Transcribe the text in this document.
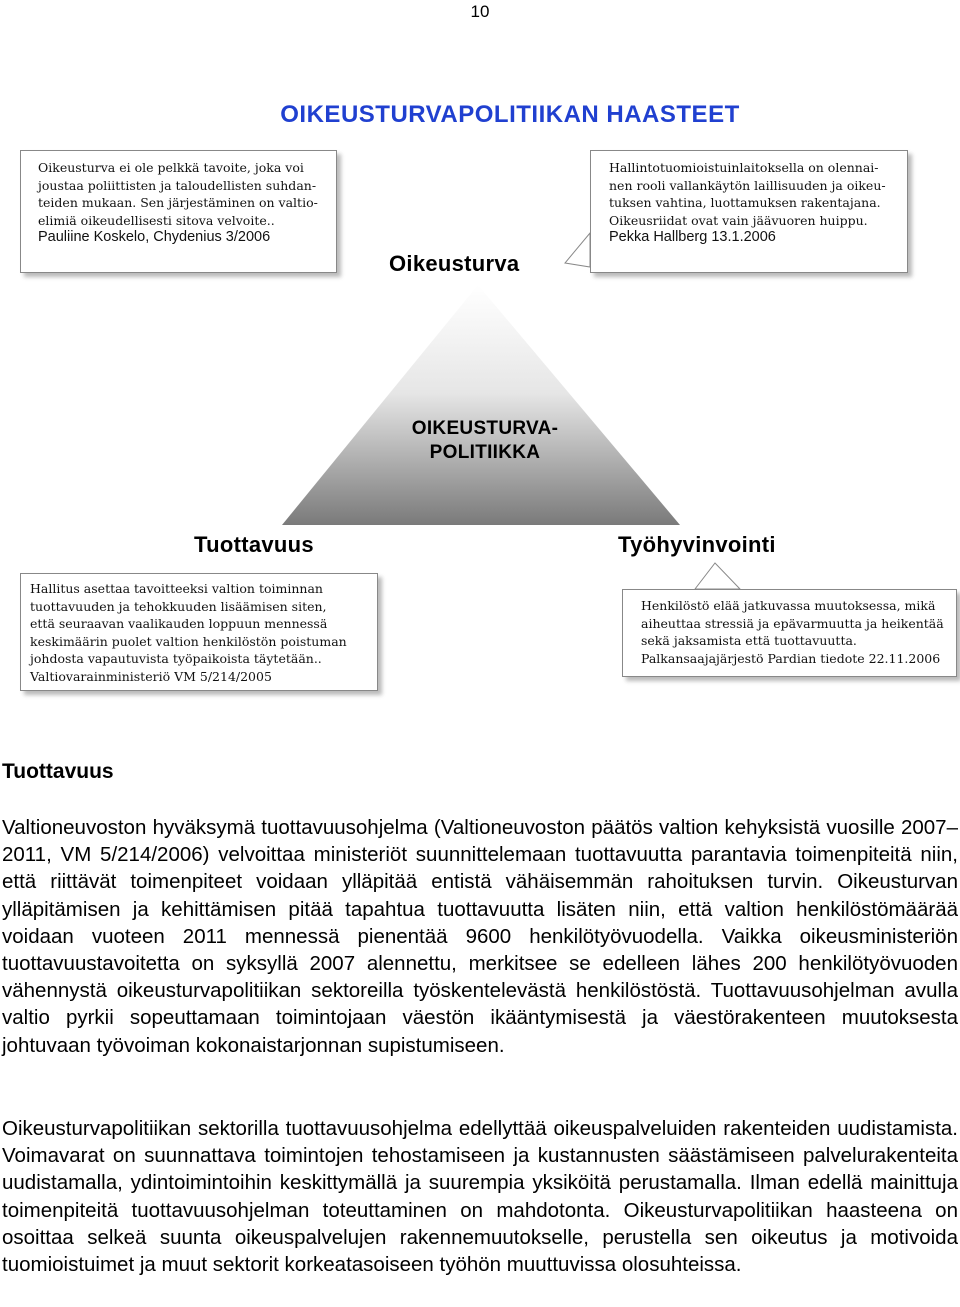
10
OIKEUSTURVAPOLITIIKAN HAASTEET
Oikeusturva ei ole pelkkä tavoite, joka voi
joustaa poliittisten ja taloudellisten suhdan-
teiden mukaan. Sen järjestäminen on valtio-
elimiä oikeudellisesti sitova velvoite..
Pauliine Koskelo, Chydenius 3/2006
Hallintotuomioistuinlaitoksella on olennai-
nen rooli vallankäytön laillisuuden ja oikeu-
tuksen vahtina, luottamuksen rakentajana.
Oikeusriidat ovat vain jäävuoren huippu.
Pekka Hallberg 13.1.2006
Oikeusturva
OIKEUSTURVA-
POLITIIKKA
Tuottavuus	Työhyvinvointi
Hallitus asettaa tavoitteeksi valtion toiminnan
tuottavuuden ja tehokkuuden lisäämisen siten,
että seuraavan vaalikauden loppuun mennessä
keskimäärin puolet valtion henkilöstön poistuman
johdosta vapautuvista työpaikoista täytetään..
Valtiovarainministeriö VM 5/214/2005
Henkilöstö elää jatkuvassa muutoksessa, mikä
aiheuttaa stressiä ja epävarmuutta ja heikentää
sekä jaksamista että tuottavuutta.
Palkansaajajärjestö Pardian tiedote 22.11.2006
Tuottavuus

Valtioneuvoston hyväksymä tuottavuusohjelma (Valtioneuvoston päätös valtion kehyksistä vuosille 2007–2011, VM 5/214/2006) velvoittaa ministeriöt suunnittelemaan tuottavuutta parantavia toimenpiteitä niin, että riittävät toimenpiteet voidaan ylläpitää entistä vähäisemmän rahoituksen turvin. Oikeusturvan ylläpitämisen ja kehittämisen pitää tapahtua tuottavuutta lisäten niin, että valtion henkilöstömäärää voidaan vuoteen 2011 mennessä pienentää 9600 henkilötyövuodella. Vaikka oikeusministeriön tuottavuustavoitetta on syksyllä 2007 alennettu, merkitsee se edelleen lähes 200 henkilötyövuoden vähennystä oikeusturvapolitiikan sektoreilla työskentelevästä henkilöstöstä. Tuottavuusohjelman avulla valtio pyrkii sopeuttamaan toimintojaan väestön ikääntymisestä ja väestörakenteen muutoksesta johtuvaan työvoiman kokonaistarjonnan supistumiseen.

Oikeusturvapolitiikan sektorilla tuottavuusohjelma edellyttää oikeuspalveluiden rakenteiden uudistamista. Voimavarat on suunnattava toimintojen tehostamiseen ja kustannusten säästämiseen palvelurakenteita uudistamalla, ydintoimintoihin keskittymällä ja suurempia yksiköitä perustamalla. Ilman edellä mainittuja toimenpiteitä tuottavuusohjelman toteuttaminen on mahdotonta. Oikeusturvapolitiikan haasteena on osoittaa selkeä suunta oikeuspalvelujen rakennemuutokselle, perustella sen oikeutus ja motivoida tuomioistuimet ja muut sektorit korkeatasoiseen työhön muuttuvissa olosuhteissa.
